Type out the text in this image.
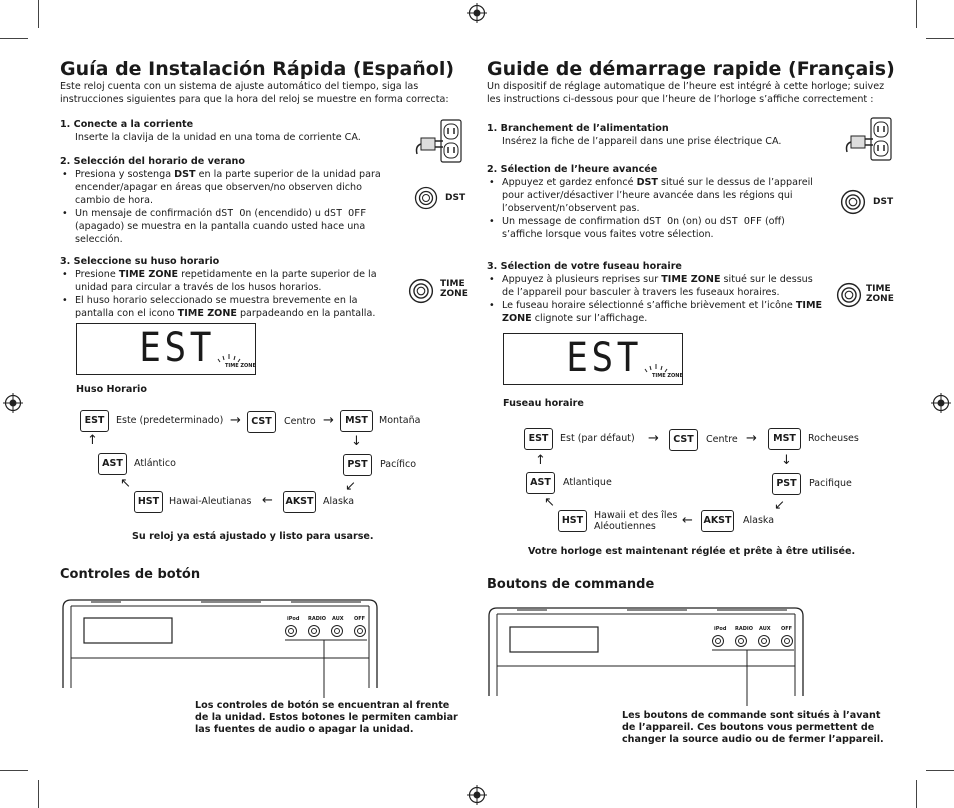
Guía de Instalación Rápida (Español)
Este reloj cuenta con un sistema de ajuste automático del tiempo, siga las instrucciones siguientes para que la hora del reloj se muestre en forma correcta:
1. Conecte a la corriente
Inserte la clavija de la unidad en una toma de corriente CA.
2. Selección del horario de verano
• Presiona y sostenga DST en la parte superior de la unidad para encender/apagar en áreas que observen/no observen dicho cambio de hora.
• Un mensaje de confirmación dST On (encendido) u dST OFF (apagado) se muestra en la pantalla cuando usted hace una selección.
DST
3. Seleccione su huso horario
• Presione TIME ZONE repetidamente en la parte superior de la unidad para circular a través de los husos horarios.
• El huso horario seleccionado se muestra brevemente en la pantalla con el icono TIME ZONE parpadeando en la pantalla.
TIME
ZONE
EST TIME ZONE
Huso Horario
EST	Este (predeterminado) →	CST	Centro →	MST	Montaña
↓
PST	Pacífico
↙
AKST Alaska
←
HST	Hawai-Aleutianas
↖
AST	Atlántico
↑
Su reloj ya está ajustado y listo para usarse.
Controles de botón
iPod RADIO AUX OFF
Los controles de botón se encuentran al frente de la unidad. Estos botones le permiten cambiar las fuentes de audio o apagar la unidad.
Guide de démarrage rapide (Français)
Un dispositif de réglage automatique de l’heure est intégré à cette horloge; suivez les instructions ci-dessous pour que l’heure de l’horloge s’affiche correctement :
1. Branchement de l’alimentation
Insérez la fiche de l’appareil dans une prise électrique CA.
2. Sélection de l’heure avancée
• Appuyez et gardez enfoncé DST situé sur le dessus de l’appareil pour activer/désactiver l’heure avancée dans les régions qui l’observent/n’observent pas.
• Un message de confirmation dST On (on) ou dST OFF (off) s’affiche lorsque vous faites votre sélection.
DST
3. Sélection de votre fuseau horaire
• Appuyez à plusieurs reprises sur TIME ZONE situé sur le dessus de l’appareil pour basculer à travers les fuseaux horaires.
• Le fuseau horaire sélectionné s’affiche brièvement et l’icône TIME ZONE clignote sur l’affichage.
TIME
ZONE
EST TIME ZONE
Fuseau horaire
EST	Est (par défaut) →	CST	Centre →	MST	Rocheuses
↓
PST	Pacifique
↙
AKST Alaska
←
HST	Hawaii et des îles
Aléoutiennes
↖
AST	Atlantique
↑
Votre horloge est maintenant réglée et prête à être utilisée.
Boutons de commande
iPod RADIO AUX OFF
Les boutons de commande sont situés à l’avant de l’appareil. Ces boutons vous permettent de changer la source audio ou de fermer l’appareil.
